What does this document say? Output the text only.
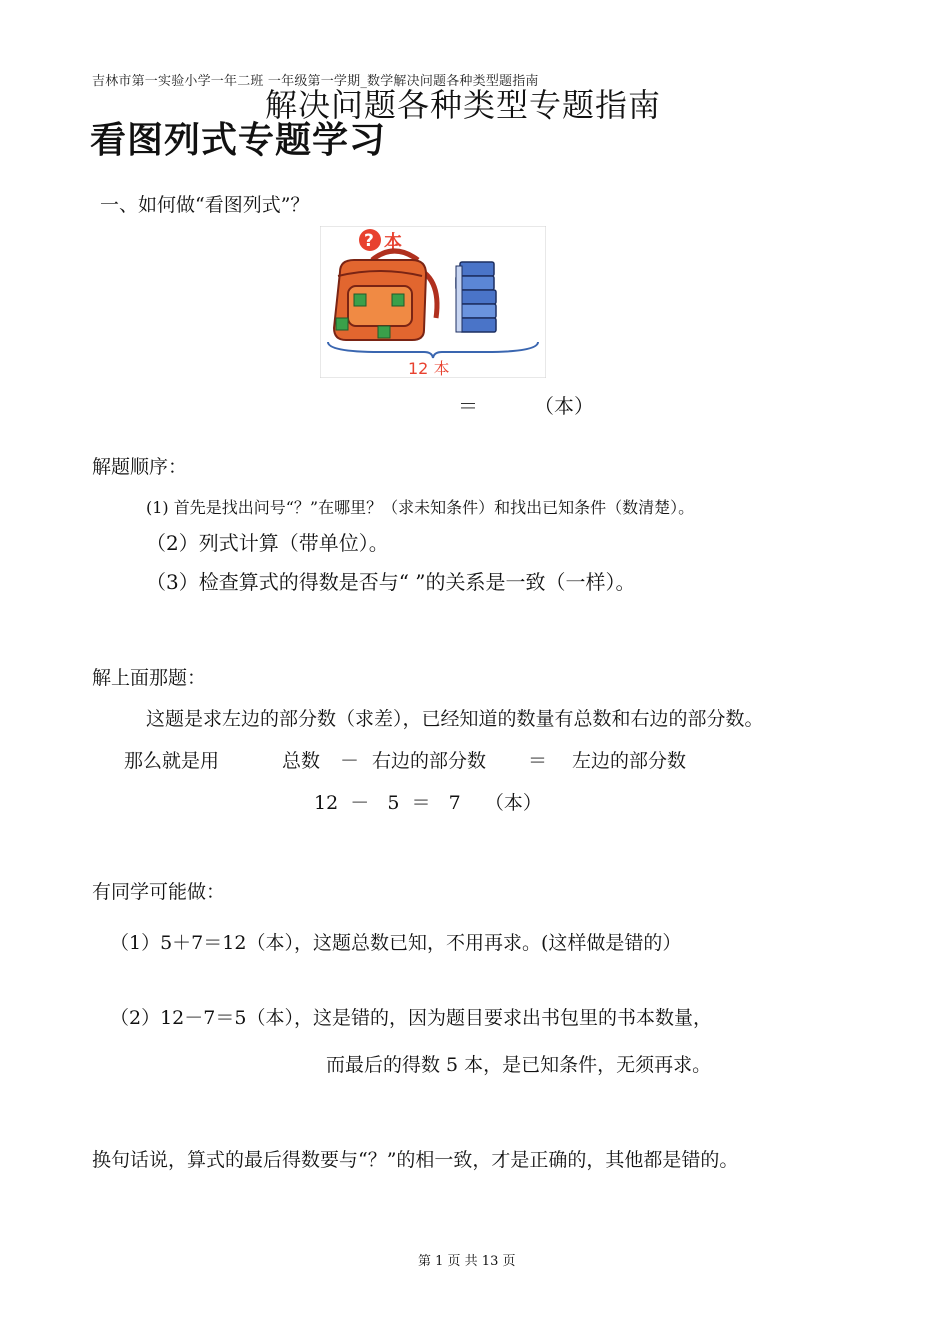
吉林市第一实验小学一年二班 一年级第一学期_数学解决问题各种类型题指南
解决问题各种类型专题指南
看图列式专题学习
一、如何做“看图列式”？
? 本
12 本
＝	（本）
解题顺序：
(1) 首先是找出问号“？”在哪里？（求未知条件）和找出已知条件（数清楚）。
（2）列式计算（带单位）。
（3）检查算式的得数是否与“ ”的关系是一致（一样）。
解上面那题：
这题是求左边的部分数（求差），已经知道的数量有总数和右边的部分数。
那么就是用	总数 － 右边的部分数 ＝ 左边的部分数
12  －   5  ＝   7    （本）
有同学可能做：
（1）5＋7＝12（本），这题总数已知，不用再求。(这样做是错的）
（2）12－7＝5（本），这是错的，因为题目要求出书包里的书本数量，
而最后的得数 5 本，是已知条件，无须再求。
换句话说，算式的最后得数要与“？”的相一致，才是正确的，其他都是错的。
第 1 页 共 13 页
